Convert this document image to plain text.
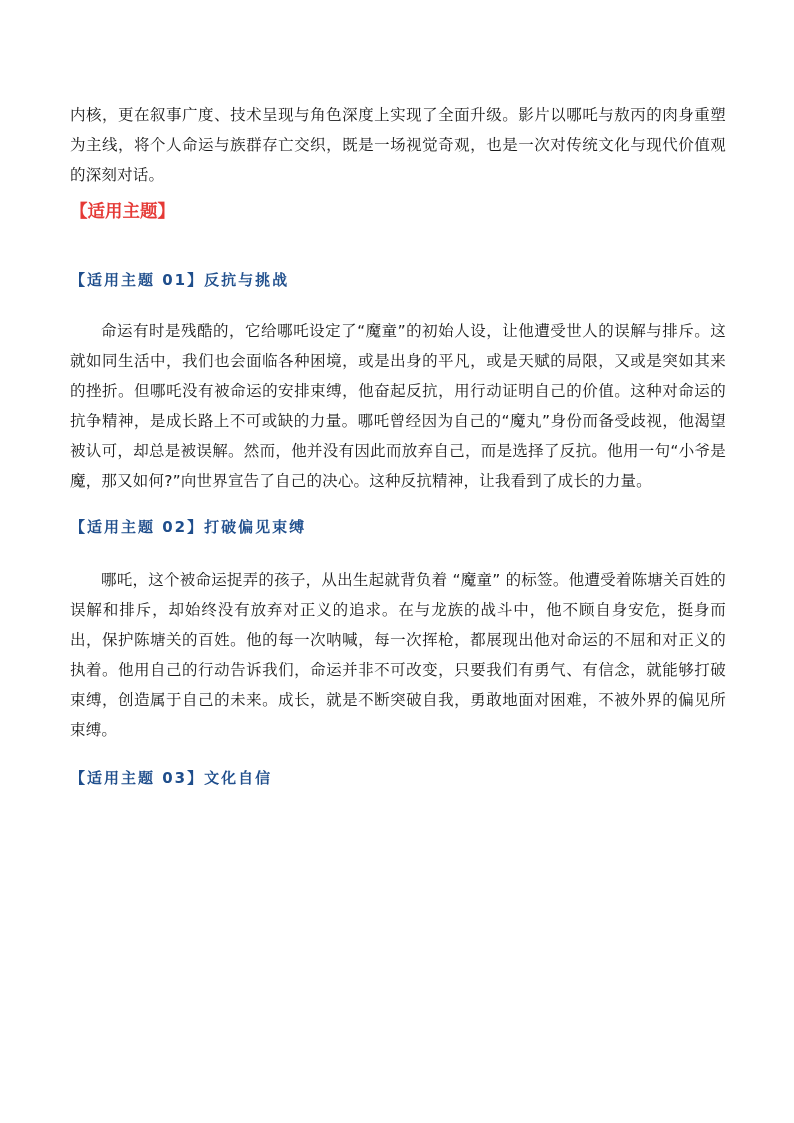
内核，更在叙事广度、技术呈现与角色深度上实现了全面升级。影片以哪吒与敖丙的肉身重塑为主线，将个人命运与族群存亡交织，既是一场视觉奇观，也是一次对传统文化与现代价值观的深刻对话。

【适用主题】

【适用主题 01】反抗与挑战

命运有时是残酷的，它给哪吒设定了“魔童”的初始人设，让他遭受世人的误解与排斥。这就如同生活中，我们也会面临各种困境，或是出身的平凡，或是天赋的局限，又或是突如其来的挫折。但哪吒没有被命运的安排束缚，他奋起反抗，用行动证明自己的价值。这种对命运的抗争精神，是成长路上不可或缺的力量。哪吒曾经因为自己的“魔丸”身份而备受歧视，他渴望被认可，却总是被误解。然而，他并没有因此而放弃自己，而是选择了反抗。他用一句“小爷是魔，那又如何?”向世界宣告了自己的决心。这种反抗精神，让我看到了成长的力量。

【适用主题 02】打破偏见束缚

哪吒，这个被命运捉弄的孩子，从出生起就背负着 “魔童” 的标签。他遭受着陈塘关百姓的误解和排斥，却始终没有放弃对正义的追求。在与龙族的战斗中，他不顾自身安危，挺身而出，保护陈塘关的百姓。他的每一次呐喊，每一次挥枪，都展现出他对命运的不屈和对正义的执着。他用自己的行动告诉我们，命运并非不可改变，只要我们有勇气、有信念，就能够打破束缚，创造属于自己的未来。成长，就是不断突破自我，勇敢地面对困难，不被外界的偏见所束缚。

【适用主题 03】文化自信
